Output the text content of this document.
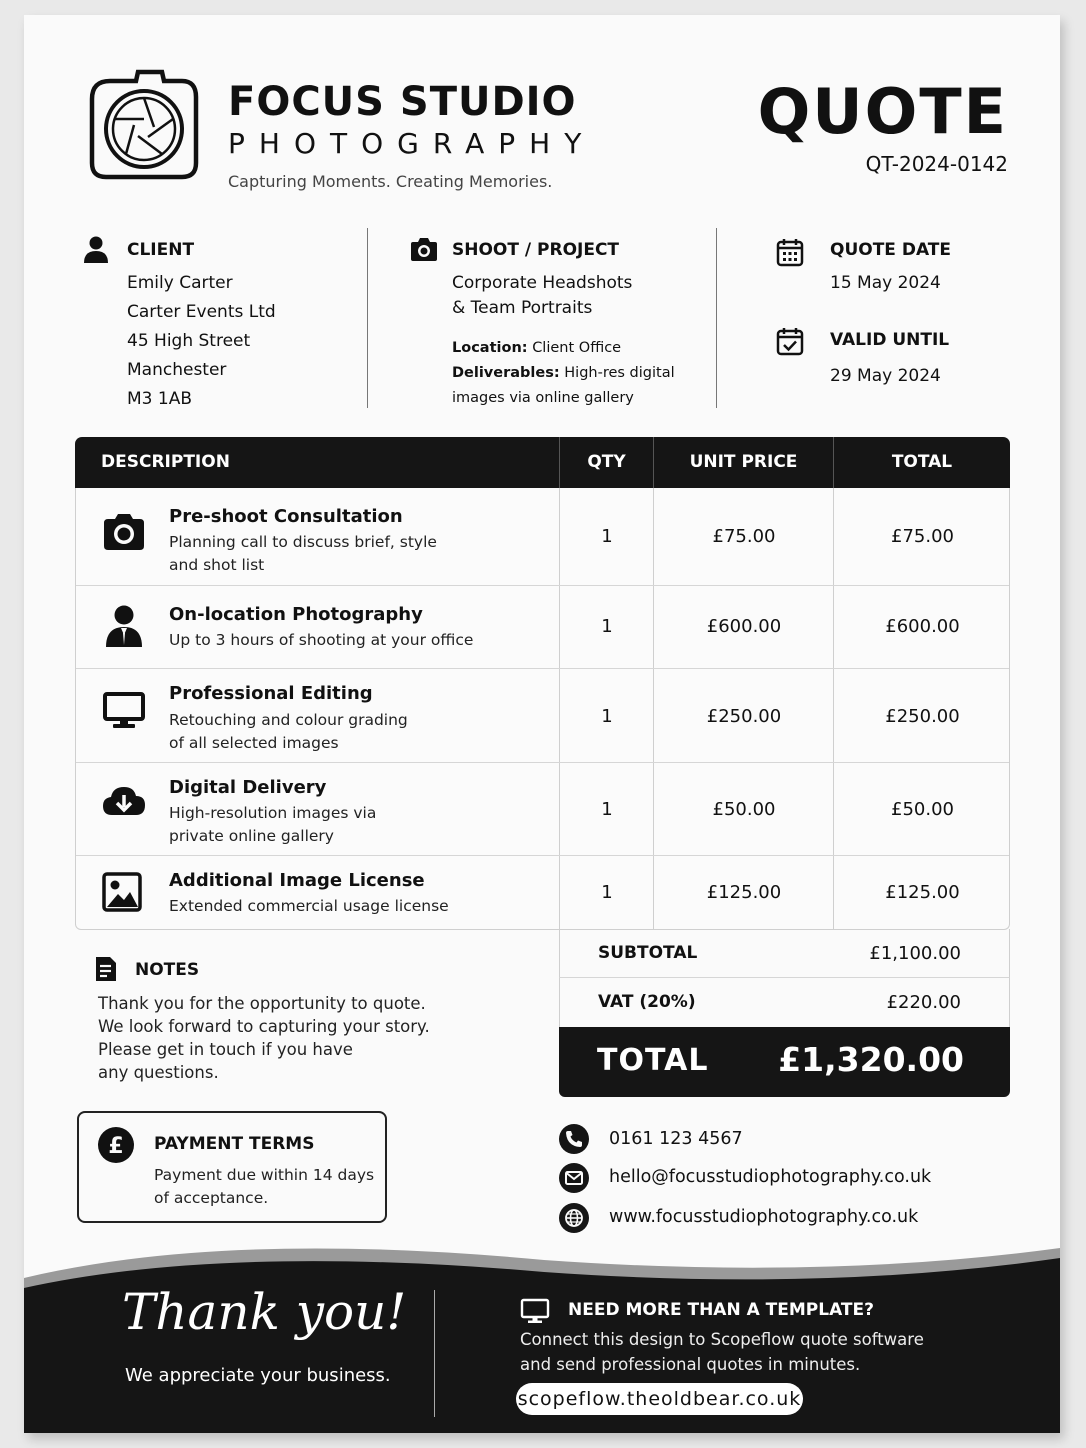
FOCUS STUDIO
PHOTOGRAPHY
Capturing Moments. Creating Memories.
QUOTE
QT-2024-0142
CLIENT
Emily Carter
Carter Events Ltd
45 High Street
Manchester
M3 1AB
SHOOT / PROJECT
Corporate Headshots
& Team Portraits
Location: Client Office
Deliverables: High-res digital
images via online gallery
QUOTE DATE
15 May 2024
VALID UNTIL
29 May 2024
DESCRIPTION	QTY	UNIT PRICE	TOTAL
Pre-shoot Consultation
Planning call to discuss brief, style
and shot list
1	£75.00	£75.00
On-location Photography
Up to 3 hours of shooting at your office
1	£600.00	£600.00
Professional Editing
Retouching and colour grading
of all selected images
1	£250.00	£250.00
Digital Delivery
High-resolution images via
private online gallery
1	£50.00	£50.00
Additional Image License
Extended commercial usage license
1	£125.00	£125.00
SUBTOTAL	£1,100.00
VAT (20%)	£220.00
TOTAL £1,320.00
NOTES
Thank you for the opportunity to quote.
We look forward to capturing your story.
Please get in touch if you have
any questions.
£ PAYMENT TERMS
Payment due within 14 days
of acceptance.
0161 123 4567
hello@focusstudiophotography.co.uk
www.focusstudiophotography.co.uk
Thank you!
We appreciate your business.
NEED MORE THAN A TEMPLATE?
Connect this design to Scopeflow quote software
and send professional quotes in minutes.
scopeflow.theoldbear.co.uk
